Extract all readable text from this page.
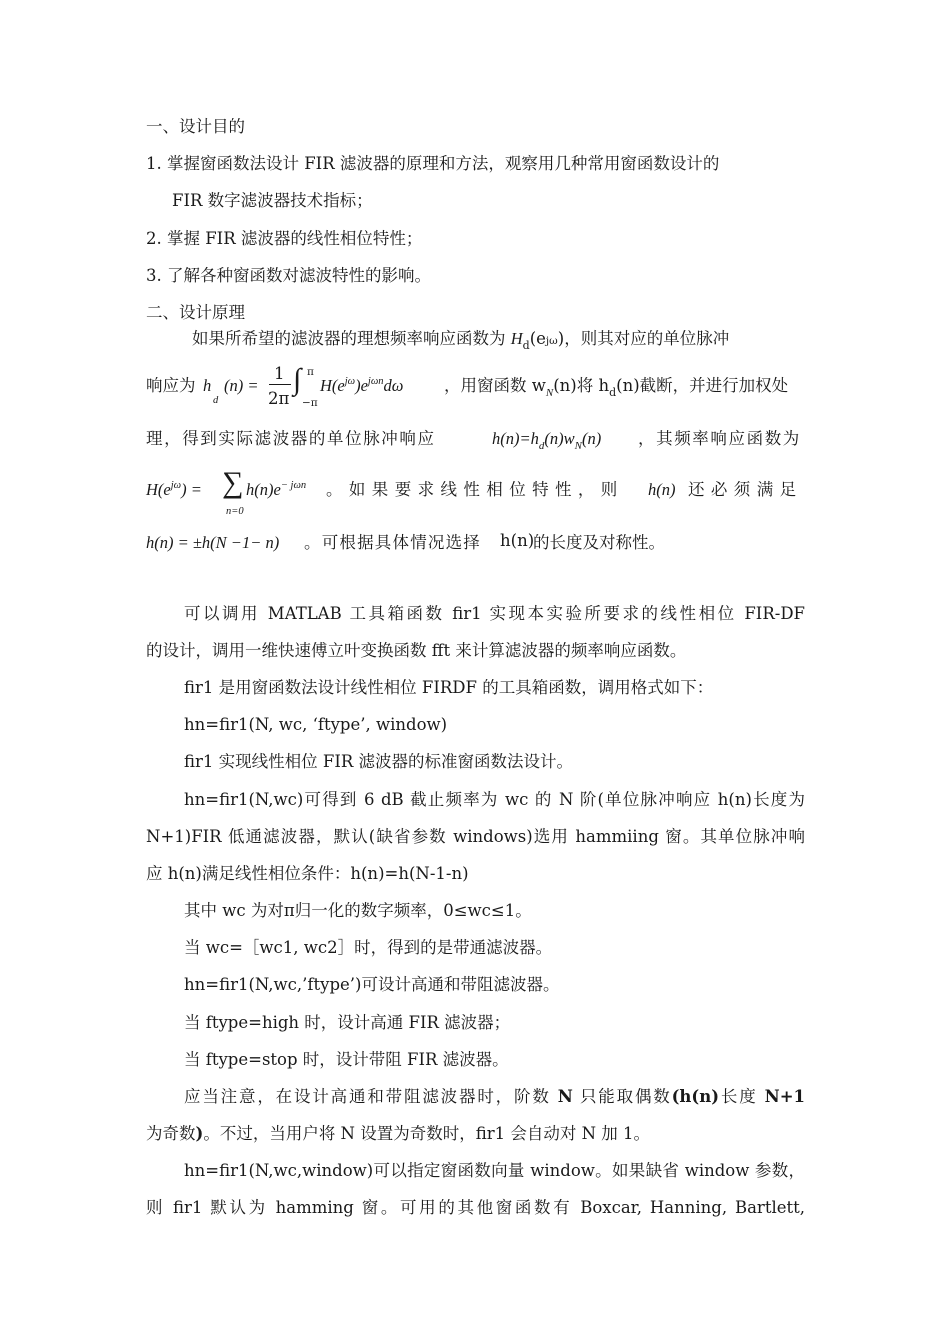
一、设计目的
1. 掌握窗函数法设计 FIR 滤波器的原理和方法，观察用几种常用窗函数设计的
FIR 数字滤波器技术指标；
2. 掌握 FIR 滤波器的线性相位特性；
3. 了解各种窗函数对滤波特性的影响。
二、设计原理
如果所希望的滤波器的理想频率响应函数为 $H_d(ej\omega)$，则其对应的单位脉冲
响应为 h
d
(n) =
1
2π
∫ π
−π
$H(e^{j\omega})e^{j\omega n}d\omega$ ，用窗函数 $w_N(n)$将 $h_d(n)$截断，并进行加权处
理，得到实际滤波器的单位脉冲响应	$h(n)=h_d(n)w_N(n)$ ，其频率响应函数为
$H(e^{j\omega})$ = ∑
n=0
$h(n)e^{- j\omega n}$ 。如果要求线性相位特性，则 h(n) 还必须满足
h(n) = ±h(N −1− n) 。可根据具体情况选择 h(n)
的长度及对称性。
可以调用 MATLAB 工具箱函数 fir1 实现本实验所要求的线性相位 FIR-DF
的设计，调用一维快速傅立叶变换函数 fft 来计算滤波器的频率响应函数。
fir1 是用窗函数法设计线性相位 FIRDF 的工具箱函数，调用格式如下：
hn=fir1(N, wc, ‘ftype’, window)
fir1 实现线性相位 FIR 滤波器的标准窗函数法设计。
hn=fir1(N,wc)可得到 6 dB 截止频率为 wc 的 N 阶(单位脉冲响应 h(n)长度为
N+1)FIR 低通滤波器，默认(缺省参数 windows)选用 hammiing 窗。其单位脉冲响
应 h(n)满足线性相位条件：h(n)=h(N-1-n)
其中 wc 为对π归一化的数字频率，0≤wc≤1。
当 wc=［wc1, wc2］时，得到的是带通滤波器。
hn=fir1(N,wc,’ftype’)可设计高通和带阻滤波器。
当 ftype=high 时，设计高通 FIR 滤波器；
当 ftype=stop 时，设计带阻 FIR 滤波器。
应当注意，在设计高通和带阻滤波器时，阶数 N 只能取偶数(h(n)长度 N+1
为奇数)。不过，当用户将 N 设置为奇数时，fir1 会自动对 N 加 1。
hn=fir1(N,wc,window)可以指定窗函数向量 window。如果缺省 window 参数，
则 fir1 默认为 hamming 窗。可用的其他窗函数有 Boxcar, Hanning, Bartlett,
